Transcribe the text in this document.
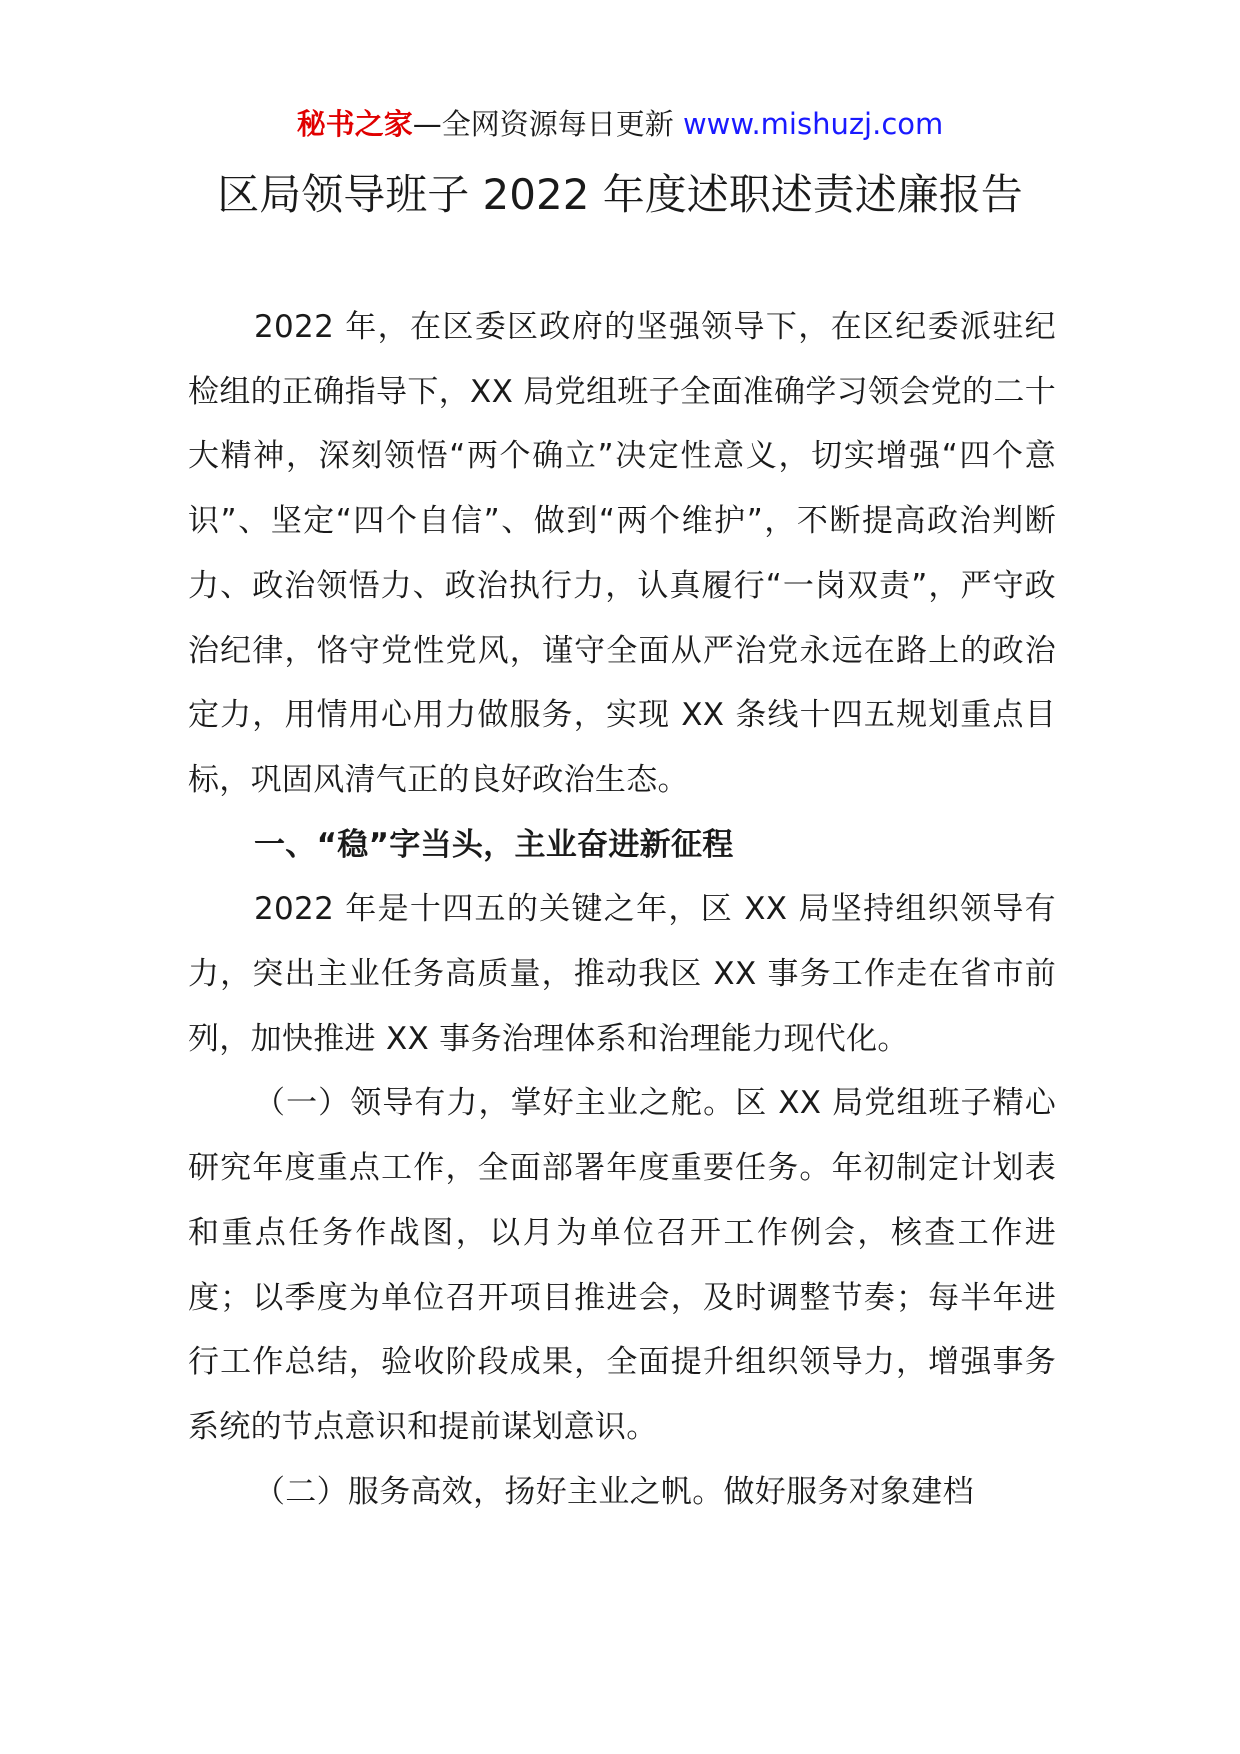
秘书之家—全网资源每日更新 www.mishuzj.com
区局领导班子 2022 年度述职述责述廉报告

2022 年，在区委区政府的坚强领导下，在区纪委派驻纪检组的正确指导下，XX 局党组班子全面准确学习领会党的二十大精神，深刻领悟“两个确立”决定性意义，切实增强“四个意识”、坚定“四个自信”、做到“两个维护”，不断提高政治判断力、政治领悟力、政治执行力，认真履行“一岗双责”，严守政治纪律，恪守党性党风，谨守全面从严治党永远在路上的政治定力，用情用心用力做服务，实现 XX 条线十四五规划重点目标，巩固风清气正的良好政治生态。

一、“稳”字当头，主业奋进新征程

2022 年是十四五的关键之年，区 XX 局坚持组织领导有力，突出主业任务高质量，推动我区 XX 事务工作走在省市前列，加快推进 XX 事务治理体系和治理能力现代化。

（一）领导有力，掌好主业之舵。区 XX 局党组班子精心研究年度重点工作，全面部署年度重要任务。年初制定计划表和重点任务作战图，以月为单位召开工作例会，核查工作进度；以季度为单位召开项目推进会，及时调整节奏；每半年进行工作总结，验收阶段成果，全面提升组织领导力，增强事务系统的节点意识和提前谋划意识。

（二）服务高效，扬好主业之帆。做好服务对象建档
